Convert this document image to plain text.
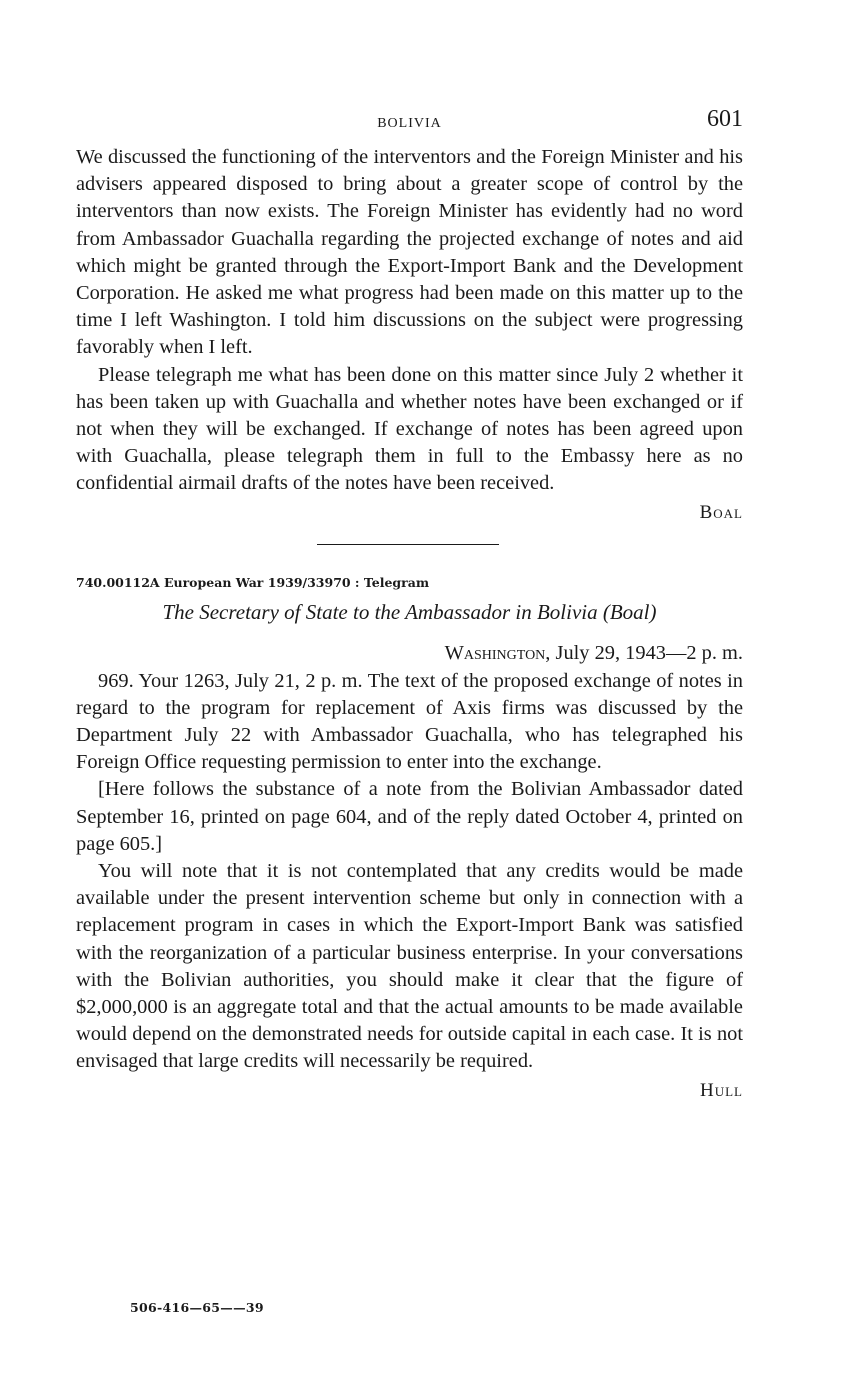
BOLIVIA	601

We discussed the functioning of the interventors and the Foreign Minister and his advisers appeared disposed to bring about a greater scope of control by the interventors than now exists. The Foreign Minister has evidently had no word from Ambassador Guachalla regarding the projected exchange of notes and aid which might be granted through the Export-Import Bank and the Development Corporation. He asked me what progress had been made on this matter up to the time I left Washington. I told him discussions on the subject were progressing favorably when I left.

Please telegraph me what has been done on this matter since July 2 whether it has been taken up with Guachalla and whether notes have been exchanged or if not when they will be exchanged. If exchange of notes has been agreed upon with Guachalla, please telegraph them in full to the Embassy here as no confidential airmail drafts of the notes have been received.

Boal
740.00112A European War 1939/33970 : Telegram
The Secretary of State to the Ambassador in Bolivia (Boal)
Washington, July 29, 1943—2 p. m.

969. Your 1263, July 21, 2 p. m. The text of the proposed exchange of notes in regard to the program for replacement of Axis firms was discussed by the Department July 22 with Ambassador Guachalla, who has telegraphed his Foreign Office requesting permission to enter into the exchange.

[Here follows the substance of a note from the Bolivian Ambassador dated September 16, printed on page 604, and of the reply dated October 4, printed on page 605.]

You will note that it is not contemplated that any credits would be made available under the present intervention scheme but only in connection with a replacement program in cases in which the Export-Import Bank was satisfied with the reorganization of a particular business enterprise. In your conversations with the Bolivian authorities, you should make it clear that the figure of $2,000,000 is an aggregate total and that the actual amounts to be made available would depend on the demonstrated needs for outside capital in each case. It is not envisaged that large credits will necessarily be required.

Hull
506-416—65——39
